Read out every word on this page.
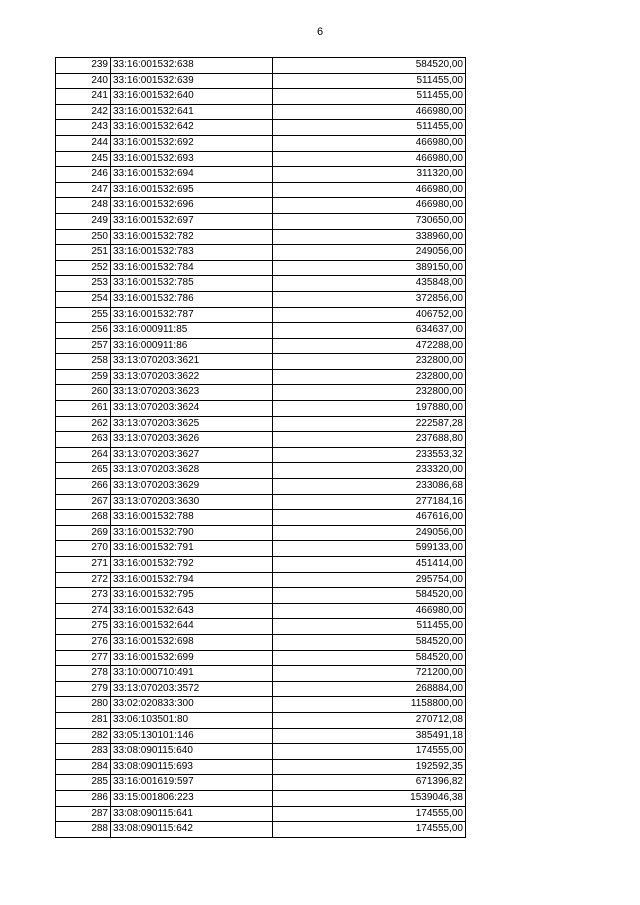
6
239	33:16:001532:638	584520,00
240	33:16:001532:639	511455,00
241	33:16:001532:640	511455,00
242	33:16:001532:641	466980,00
243	33:16:001532:642	511455,00
244	33:16:001532:692	466980,00
245	33:16:001532:693	466980,00
246	33:16:001532:694	311320,00
247	33:16:001532:695	466980,00
248	33:16:001532:696	466980,00
249	33:16:001532:697	730650,00
250	33:16:001532:782	338960,00
251	33:16:001532:783	249056,00
252	33:16:001532:784	389150,00
253	33:16:001532:785	435848,00
254	33:16:001532:786	372856,00
255	33:16:001532:787	406752,00
256	33:16:000911:85	634637,00
257	33:16:000911:86	472288,00
258	33:13:070203:3621	232800,00
259	33:13:070203:3622	232800,00
260	33:13:070203:3623	232800,00
261	33:13:070203:3624	197880,00
262	33:13:070203:3625	222587,28
263	33:13:070203:3626	237688,80
264	33:13:070203:3627	233553,32
265	33:13:070203:3628	233320,00
266	33:13:070203:3629	233086,68
267	33:13:070203:3630	277184,16
268	33:16:001532:788	467616,00
269	33:16:001532:790	249056,00
270	33:16:001532:791	599133,00
271	33:16:001532:792	451414,00
272	33:16:001532:794	295754,00
273	33:16:001532:795	584520,00
274	33:16:001532:643	466980,00
275	33:16:001532:644	511455,00
276	33:16:001532:698	584520,00
277	33:16:001532:699	584520,00
278	33:10:000710:491	721200,00
279	33:13:070203:3572	268884,00
280	33:02:020833:300	1158800,00
281	33:06:103501:80	270712,08
282	33:05:130101:146	385491,18
283	33:08:090115:640	174555,00
284	33:08:090115:693	192592,35
285	33:16:001619:597	671396,82
286	33:15:001806:223	1539046,38
287	33:08:090115:641	174555,00
288	33:08:090115:642	174555,00
